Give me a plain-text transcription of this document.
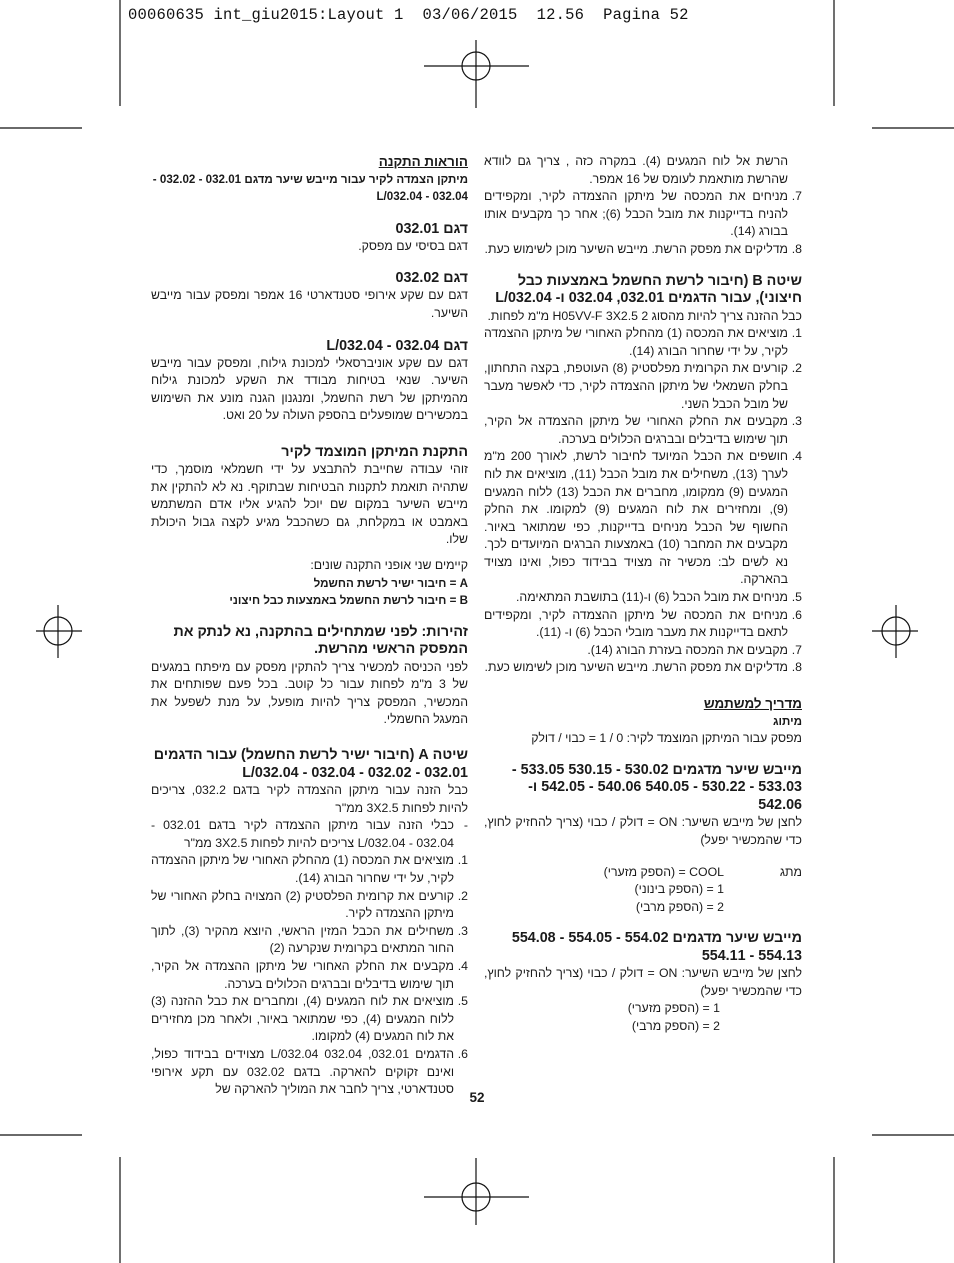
00060635 int_giu2015:Layout 1  03/06/2015  12.56  Pagina 52

הוראות התקנה

מיתקן הצמדה לקיר עבור מייבש שיער מדגם 032.01 - 032.02 - 032.04 - L/032.04

דגם 032.01

דגם בסיסי עם מפסק.

דגם 032.02

דגם עם שקע אירופי סטנדארטי 16 אמפר ומפסק עבור מייבש השיער.

דגם 032.04 - L/032.04

דגם עם שקע אוניברסאלי למכונת גילוח, ומפסק עבור מייבש השיער. שנאי בטיחות מבודד את השקע למכונת גילוח מהמיתקן של רשת החשמל, ומנגנון הגנה מונע את השימוש במכשירים שמופעלים בהספק העולה על 20 ואט.

התקנת המיתקן המוצמד לקיר

זוהי עבודה שחייבת להתבצע על ידי חשמלאי מוסמך, כדי שתהיה תואמת לתקנות הבטיחות שבתוקף. נא לא להתקין את מייבש השיער במקום שם יוכל להגיע אליו אדם המשתמש באמבט או במקלחת, גם כשהכבל מגיע לקצה גבול היכולת שלו.

קיימים שני אופני התקנה שונים:

A = חיבור ישיר לרשת החשמל

B = חיבור לרשת החשמל באמצעות כבל חיצוני

זהירות: לפני שמתחילים בהתקנה, נא לנתק את המפסק הראשי מהרשת.

לפני הכניסה למכשיר צריך להתקין מפסק עם מיפתח במגעים של 3 מ"מ לפחות עבור כל קוטב. בכל פעם שפותחים את המכשיר, המפסק צריך להיות מופעל, על מנת לשפעל את המעגל החשמלי.

שיטה A (חיבור ישיר לרשת החשמל) עבור הדגמים 032.01 - 032.02 - 032.04 - L/032.04

כבל הזנה עבור מיתקן ההצמדה לקיר בדגם 032.2, צריכים להיות לפחות 3X2.5 ממ"ר

-
כבלי הזנה עבור מיתקן ההצמדה לקיר בדגם 032.01 - 032.04 - L/032.04 צריכים להיות לפחות 3X2.5 ממ"ר

1.
מוציאים את המכסה (1) מהחלק האחורי של מיתקן ההצמדה לקיר, על ידי שחרור הבורג (14).

2.
קורעים את קרומית הפלסטיק (2) המצויה בחלק האחורי של מיתקן ההצמדה לקיר.

3.
משחילים את הכבל המזין הראשי, היוצא מהקיר (3), לתוך החור המתאים בקרומית שנקרעה (2)

4.
מקבעים את החלק האחורי של מיתקן ההצמדה אל הקיר, תוך שימוש בדיבלים ובברגים הכלולים בערכה.

5.
מוציאים את לוח המגעים (4), ומחברים את כבל ההזנה (3) ללוח המגעים (4), כפי שמתואר באיור, ולאחר מכן מחזירים את לוח המגעים (4) למקומו.

6.
הדגמים 032.01, 032.04 L/032.04 מצוידים בבידוד כפול, ואינם זקוקים להארקה. בדגם 032.02 עם תקע אירופי סטנדארטי, צריך לחבר את המוליך להארקה של

הרשת אל לוח המגעים (4). במקרה כזה , צריך גם לוודא שהרשת מותאמת לעומס של 16 אמפר.

7.
מניחים את המכסה של מיתקן ההצמדה לקיר, ומקפידים להניח בדייקנות את מובל הכבל (6); אחר כך מקבעים אותו בבורג (14).

8.
מדליקים את מפסק הרשת. מייבש השיער מוכן לשימוש כעת.

שיטה B (חיבור לרשת החשמל באמצעות כבל חיצוני), עבור הדגמים 032.01, 032.04 ו- L/032.04

כבל ההזנה צריך להיות מהסוג H05VV-F 3X2.5 2 מ"מ לפחות.

1.
מוציאים את המכסה (1) מהחלק האחורי של מיתקן ההצמדה לקיר, על ידי שחרור הבורג (14).

2.
קורעים את הקרומית מפלסטיק (8) העוטפת, בקצה התחתון, בחלק השמאלי של מיתקן ההצמדה לקיר, כדי לאפשר מעבר של מובל הכבל השני.

3.
מקבעים את החלק האחורי של מיתקן ההצמדה אל הקיר, תוך שימוש בדיבלים ובברגים הכלולים בערכה.

4.
חושפים את הכבל המיועד לחיבור לרשת, לאורך 200 מ"מ לערך (13), משחילים את מובל הכבל (11), מוציאים את לוח המגעים (9) ממקומו, מחברים את הכבל (13) ללוח המגעים (9), ומחזירים את לוח המגעים (9) למקומו. את החלק החשוף של הכבל מניחים בדייקנות, כפי שמתואר באיור. מקבעים את המחבר (10) באמצעות הברגים המיועדים לכך. נא לשים לב: מכשיר זה מצויד בבידוד כפול, ואינו מצויד בהארקה.

5.
מניחים את מובל הכבל (6) ו-(11) בתושבת המתאימה.

6.
מניחים את המכסה של מיתקן ההצמדה לקיר, ומקפידים לתאם בדייקנות את מעבר מובלי הכבל (6) ו- (11).

7.
מקבעים את המכסה בעזרת הבורג (14).

8.
מדליקים את מפסק הרשת. מייבש השיער מוכן לשימוש כעת.

מדריך למשתמש

מיתוג

מפסק עבור המיתקן המוצמד לקיר: 0 / 1 = כבוי / דולק

מייבש שיער מדגמים 530.02 - 530.15 533.05 - 533.03 - 530.22 - 540.05 540.06 - 542.05 ו- 542.06

לחצן של מייבש השיער: ON = דולק / כבוי (צריך להחזיק לחוץ, כדי שהמכשיר יפעל)

מתג

COOL = (הספק מזערי)

1 = (הספק בינוני)

2 = (הספק מרבי)

מייבש שיער מדגמים 554.02 - 554.05 - 554.08 554.13 - 554.11

לחצן של מייבש השיער: ON = דולק / כבוי (צריך להחזיק לחוץ, כדי שהמכשיר יפעל)

1 = (הספק מזערי)

2 = (הספק מרבי)

52
